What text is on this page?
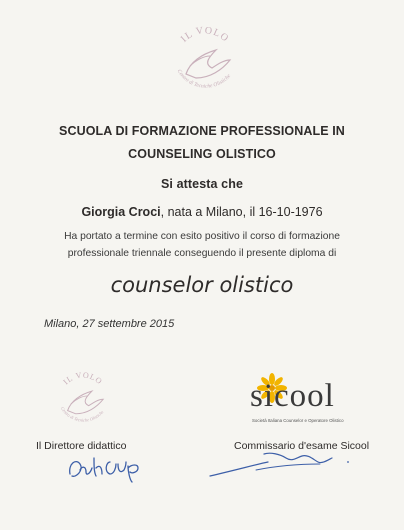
IL VOLO
Centro di Tecniche Olistiche
SCUOLA DI FORMAZIONE PROFESSIONALE IN
COUNSELING OLISTICO
Si attesta che
Giorgia Croci, nata a Milano, il 16-10-1976
Ha portato a termine con esito positivo il corso di formazione
professionale triennale conseguendo il presente diploma di
counselor olistico
Milano, 27 settembre 2015
IL VOLO
Centro di Tecniche Olistiche	sicool
Società Italiana Counselor e Operatore Olistico
Il Direttore didattico	Commissario d'esame Sicool
